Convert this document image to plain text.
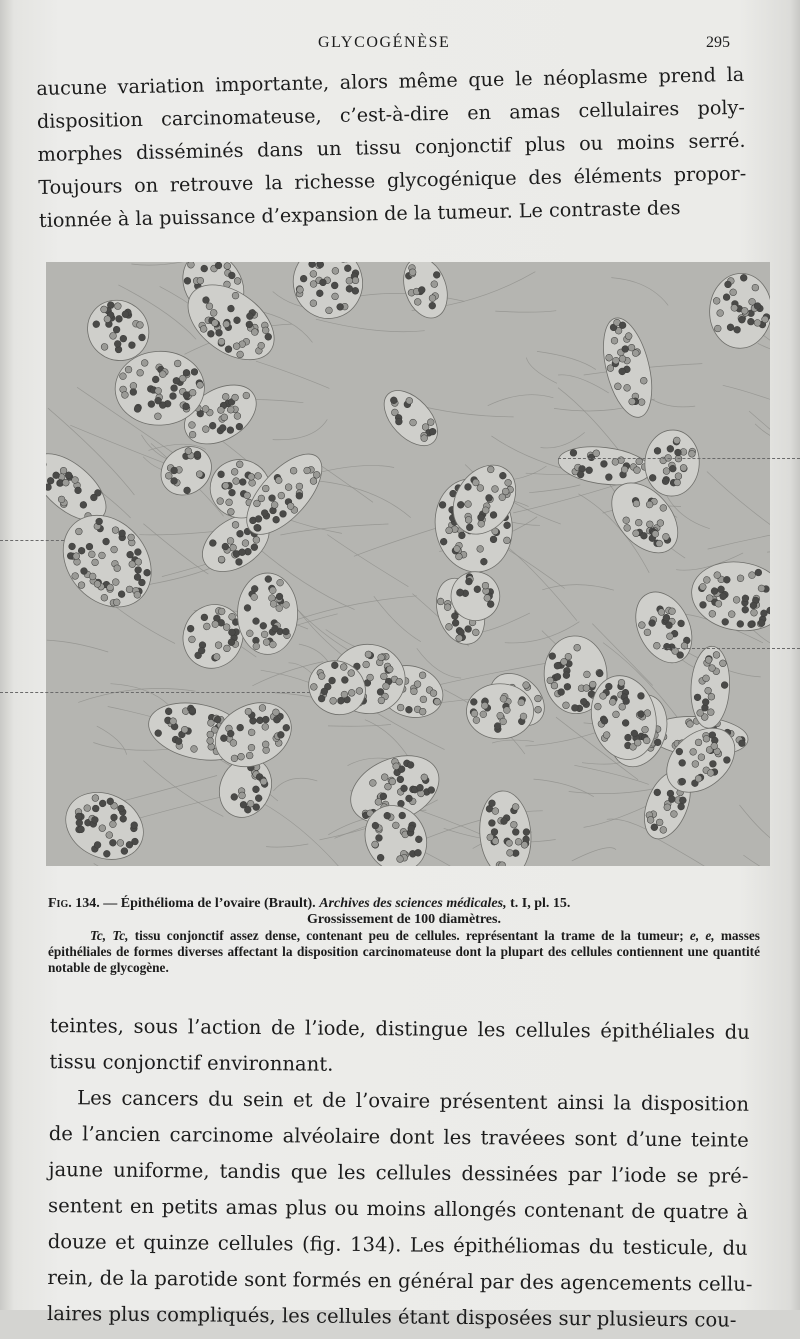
GLYCOGÉNÈSE	295
aucune variation importante, alors même que le néoplasme prend la
disposition carcinomateuse, c’est-à-dire en amas cellulaires poly-
morphes disséminés dans un tissu conjonctif plus ou moins serré.
Toujours on retrouve la richesse glycogénique des éléments propor-
tionnée à la puissance d’expansion de la tumeur. Le contraste des
Fig. 134. — Épithélioma de l’ovaire (Brault). Archives des sciences médicales, t. I, pl. 15.
Grossissement de 100 diamètres.
Tc, Tc, tissu conjonctif assez dense, contenant peu de cellules. représentant la trame de la tumeur; e, e, masses épithéliales de formes diverses affectant la disposition carcinomateuse dont la plupart des cellules contiennent une quantité notable de glycogène.
teintes, sous l’action de l’iode, distingue les cellules épithéliales du
tissu conjonctif environnant.
Les cancers du sein et de l’ovaire présentent ainsi la disposition
de l’ancien carcinome alvéolaire dont les travéees sont d’une teinte
jaune uniforme, tandis que les cellules dessinées par l’iode se pré-
sentent en petits amas plus ou moins allongés contenant de quatre à
douze et quinze cellules (fig. 134). Les épithéliomas du testicule, du
rein, de la parotide sont formés en général par des agencements cellu-
laires plus compliqués, les cellules étant disposées sur plusieurs cou-
